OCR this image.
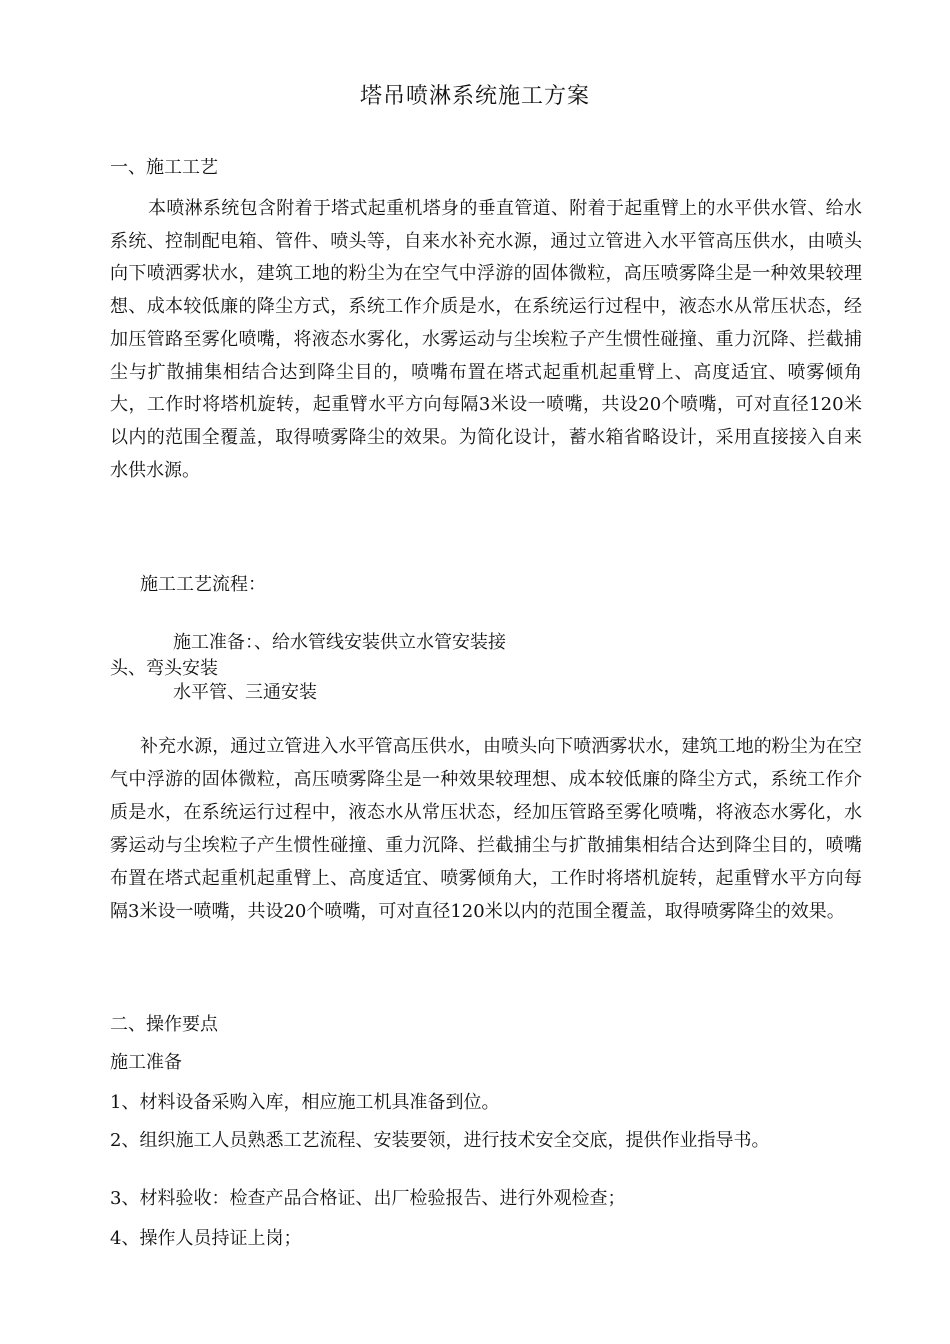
塔吊喷淋系统施工方案
一、施工工艺
本喷淋系统包含附着于塔式起重机塔身的垂直管道、附着于起重臂上的水平供水管、给水系统、控制配电箱、管件、喷头等，自来水补充水源，通过立管进入水平管高压供水，由喷头向下喷洒雾状水，建筑工地的粉尘为在空气中浮游的固体微粒，高压喷雾降尘是一种效果较理想、成本较低廉的降尘方式，系统工作介质是水，在系统运行过程中，液态水从常压状态，经加压管路至雾化喷嘴，将液态水雾化，水雾运动与尘埃粒子产生惯性碰撞、重力沉降、拦截捕尘与扩散捕集相结合达到降尘目的，喷嘴布置在塔式起重机起重臂上、高度适宜、喷雾倾角大，工作时将塔机旋转，起重臂水平方向每隔3米设一喷嘴，共设20个喷嘴，可对直径120米以内的范围全覆盖，取得喷雾降尘的效果。为简化设计，蓄水箱省略设计，采用直接接入自来水供水源。
施工工艺流程：
施工准备：、给水管线安装供立水管安装接
头、弯头安装
水平管、三通安装
补充水源，通过立管进入水平管高压供水，由喷头向下喷洒雾状水，建筑工地的粉尘为在空气中浮游的固体微粒，高压喷雾降尘是一种效果较理想、成本较低廉的降尘方式，系统工作介质是水，在系统运行过程中，液态水从常压状态，经加压管路至雾化喷嘴，将液态水雾化，水雾运动与尘埃粒子产生惯性碰撞、重力沉降、拦截捕尘与扩散捕集相结合达到降尘目的，喷嘴布置在塔式起重机起重臂上、高度适宜、喷雾倾角大，工作时将塔机旋转，起重臂水平方向每隔3米设一喷嘴，共设20个喷嘴，可对直径120米以内的范围全覆盖，取得喷雾降尘的效果。
二、操作要点
施工准备
1、材料设备采购入库，相应施工机具准备到位。
2、组织施工人员熟悉工艺流程、安装要领，进行技术安全交底，提供作业指导书。
3、材料验收：检查产品合格证、出厂检验报告、进行外观检查；
4、操作人员持证上岗；
